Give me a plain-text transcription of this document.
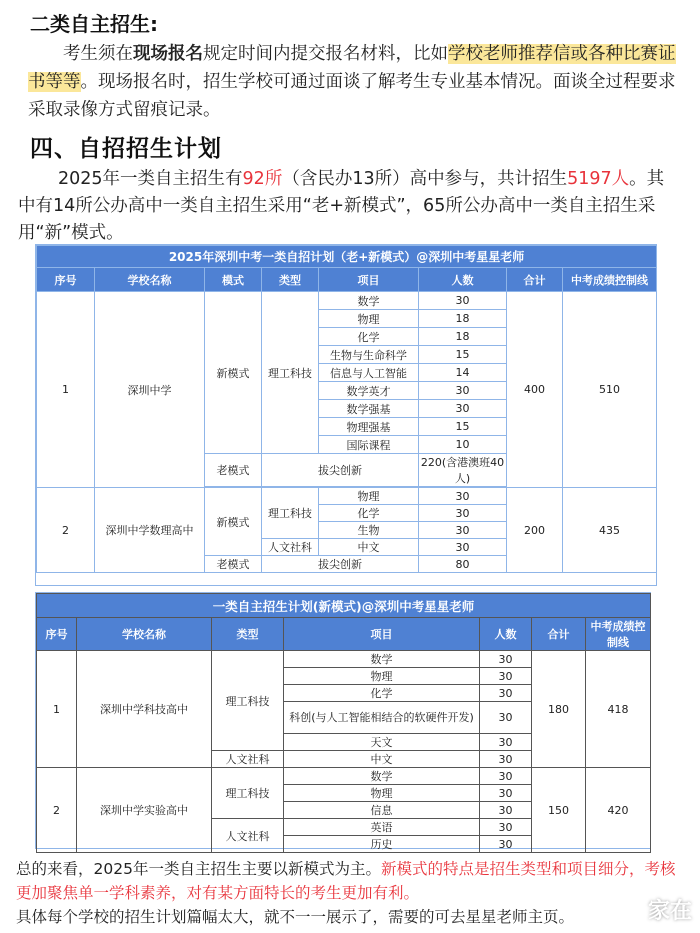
二类自主招生:
考生须在现场报名规定时间内提交报名材料，比如学校老师推荐信或各种比赛证书等等。现场报名时，招生学校可通过面谈了解考生专业基本情况。面谈全过程要求采取录像方式留痕记录。
四、自招招生计划
2025年一类自主招生有92所（含民办13所）高中参与，共计招生5197人。其中有14所公办高中一类自主招生采用“老+新模式”，65所公办高中一类自主招生采用“新”模式。
2025年深圳中考一类自招计划（老+新模式）@深圳中考星星老师							
序号	学校名称	模式	类型	项目	人数	合计	中考成绩控制线
1	深圳中学	新模式	理工科技	数学	30	400	510
				物理	18		
				化学	18		
				生物与生命科学	15		
				信息与人工智能	14		
				数学英才	30		
				数学强基	30		
				物理强基	15		
				国际课程	10		
		老模式	拔尖创新		220(含港澳班40人)		

2	深圳中学数理高中	新模式	理工科技	物理	30	200	435
				化学	30		
				生物	30		
			人文社科	中文	30		
		老模式	拔尖创新		80		
一类自主招生计划(新模式)@深圳中考星星老师						
序号	学校名称	类型	项目	人数	合计	中考成绩控制线
1	深圳中学科技高中	理工科技	数学	30	180	418
			物理	30		
			化学	30		
			科创(与人工智能相结合的软硬件开发)	30		
			天文	30		
		人文社科	中文	30		
2	深圳中学实验高中	理工科技	数学	30	150	420
			物理	30		
			信息	30		
		人文社科	英语	30		
			历史	30		
总的来看，2025年一类自主招生主要以新模式为主。新模式的特点是招生类型和项目细分，考核更加聚焦单一学科素养，对有某方面特长的考生更加有利。
具体每个学校的招生计划篇幅太大，就不一一展示了，需要的可去星星老师主页。	家在
